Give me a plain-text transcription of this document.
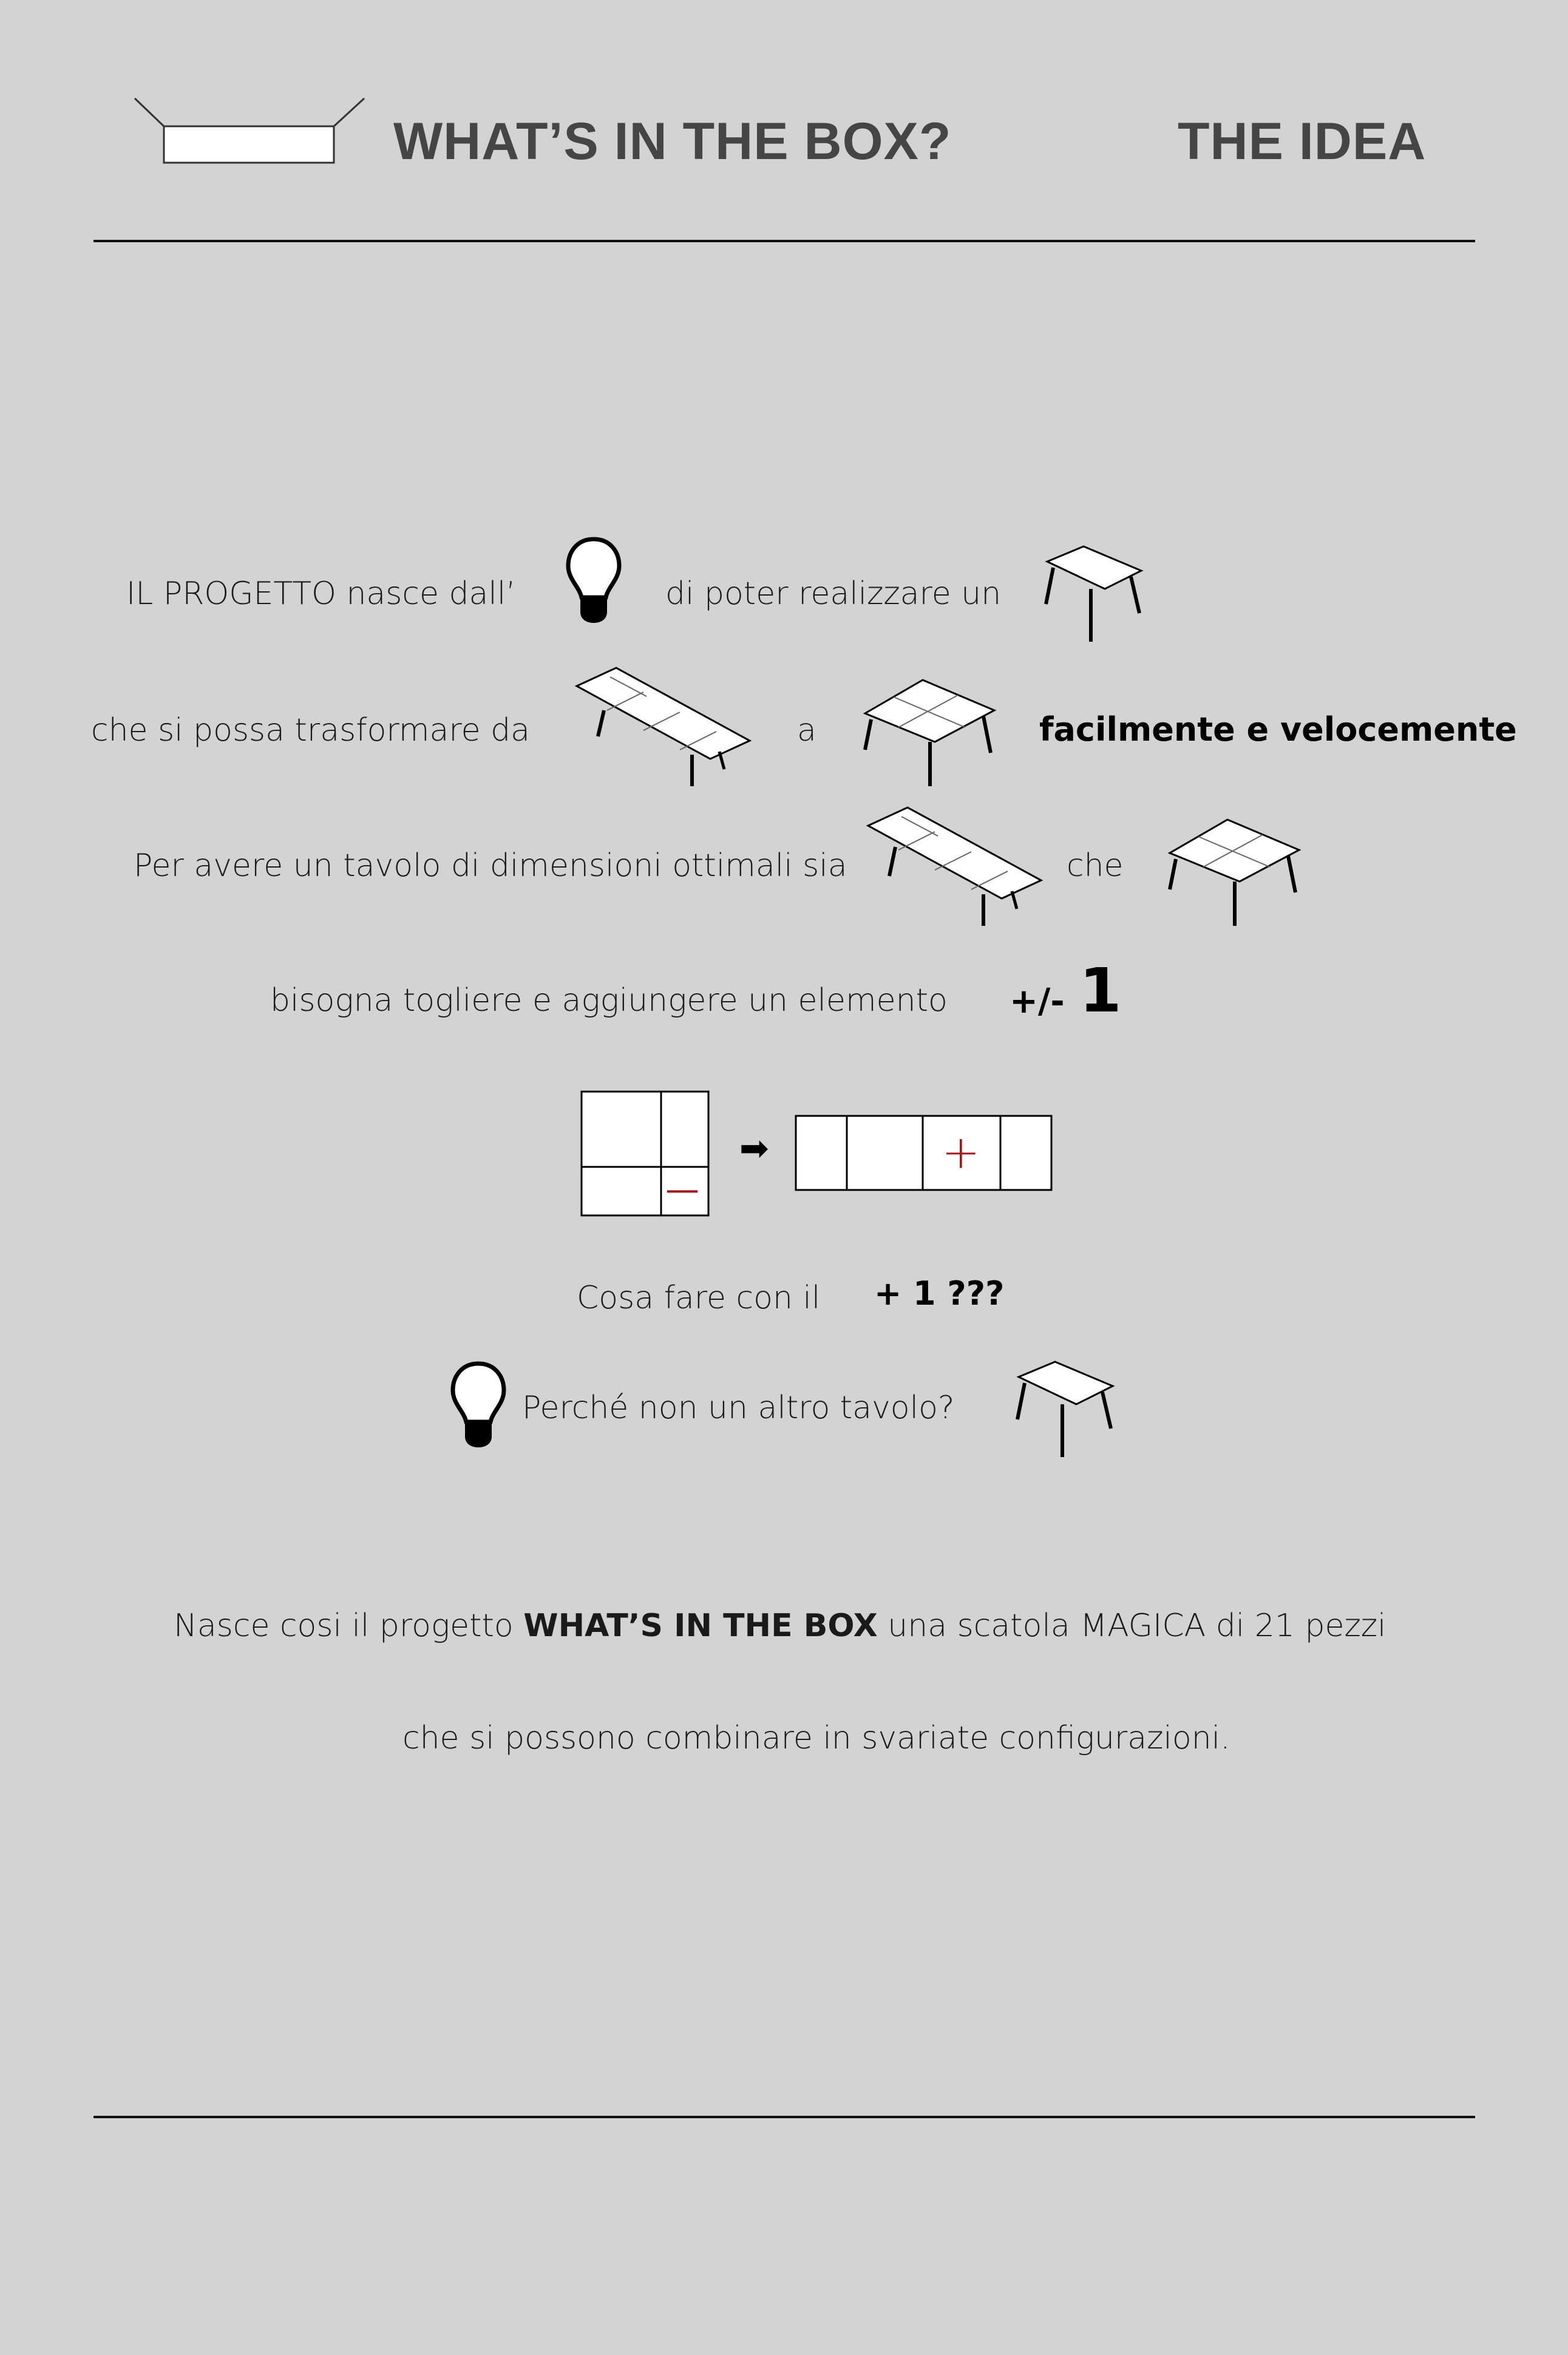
WHAT’S IN THE BOX?	THE IDEA
IL PROGETTO nasce dall’	di poter realizzare un
che si possa trasformare da	a	facilmente e velocemente
Per avere un tavolo di dimensioni ottimali sia	che
bisogna togliere e aggiungere un elemento +/- 1
—
➡	+
Cosa fare con il + 1 ???
Perché non un altro tavolo?
Nasce cosi il progetto WHAT’S IN THE BOX una scatola MAGICA di 21 pezzi
che si possono combinare in svariate configurazioni.
